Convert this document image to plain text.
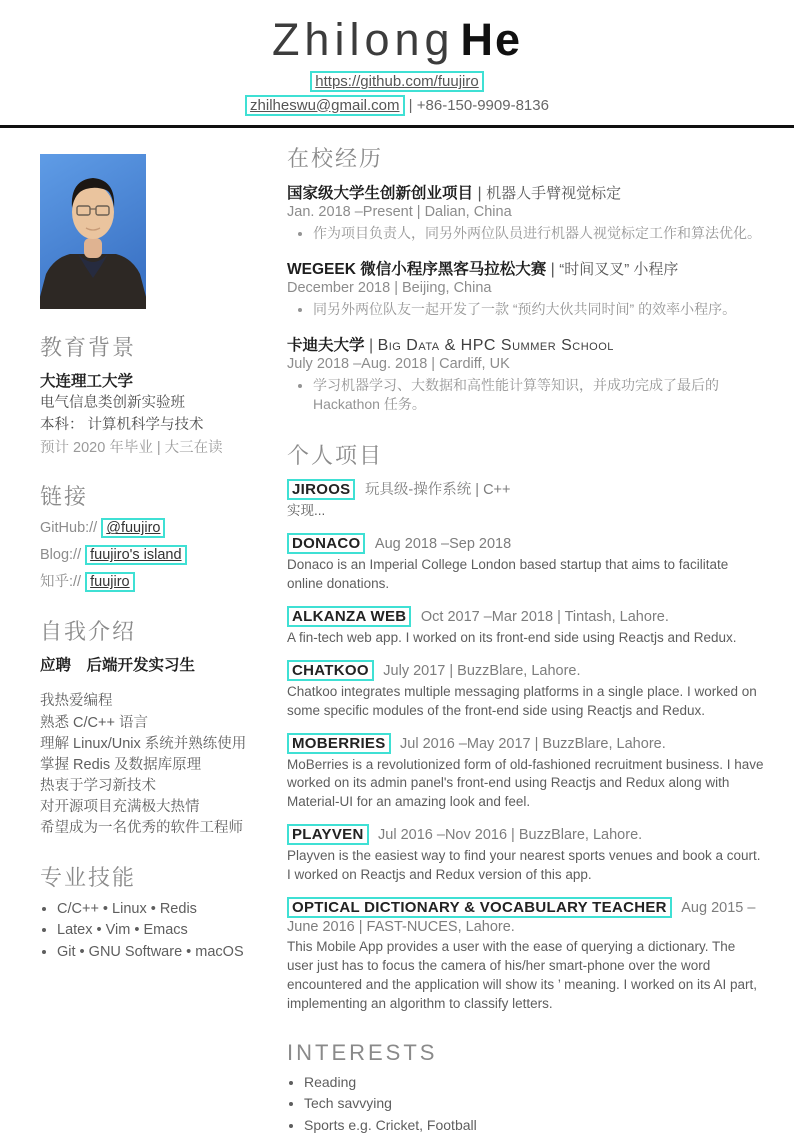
Zhilong He
https://github.com/fuujiro
zhilheswu@gmail.com | +86-150-9909-8136
教育背景

大连理工大学

电气信息类创新实验班

本科： 计算机科学与技术

预计 2020 年毕业 | 大三在读

链接
GitHub:// @fuujiro
Blog:// fuujiro's island
知乎:// fuujiro
自我介绍

应聘　后端开发实习生

我热爱编程
熟悉 C/C++ 语言
理解 Linux/Unix 系统并熟练使用
掌握 Redis 及数据库原理
热衷于学习新技术
对开源项目充满极大热情
希望成为一名优秀的软件工程师
专业技能
• C/C++ • Linux • Redis
• Latex • Vim • Emacs
• Git • GNU Software • macOS
在校经历
国家级大学生创新创业项目 | 机器人手臂视觉标定
Jan. 2018 –Present | Dalian, China
• 作为项目负责人，同另外两位队员进行机器人视觉标定工作和算法优化。
WEGEEK 微信小程序黑客马拉松大赛 | “时间叉叉” 小程序
December 2018 | Beijing, China
• 同另外两位队友一起开发了一款 “预约大伙共同时间” 的效率小程序。
卡迪夫大学 | Big Data & HPC Summer School
July 2018 –Aug. 2018 | Cardiff, UK
• 学习机器学习、大数据和高性能计算等知识，并成功完成了最后的 Hackathon 任务。
个人项目
JIROOS 玩具级-操作系统 | C++
实现...
DONACO Aug 2018 –Sep 2018
Donaco is an Imperial College London based startup that aims to facilitate online donations.
ALKANZA WEB Oct 2017 –Mar 2018 | Tintash, Lahore.
A fin-tech web app. I worked on its front-end side using Reactjs and Redux.
CHATKOO July 2017 | BuzzBlare, Lahore.
Chatkoo integrates multiple messaging platforms in a single place. I worked on some specific modules of the front-end side using Reactjs and Redux.
MOBERRIES Jul 2016 –May 2017 | BuzzBlare, Lahore.
MoBerries is a revolutionized form of old-fashioned recruitment business. I have worked on its admin panel's front-end using Reactjs and Redux along with Material-UI for an amazing look and feel.
PLAYVEN Jul 2016 –Nov 2016 | BuzzBlare, Lahore.
Playven is the easiest way to find your nearest sports venues and book a court. I worked on Reactjs and Redux version of this app.
OPTICAL DICTIONARY & VOCABULARY TEACHER Aug 2015 –June 2016 | FAST-NUCES, Lahore.
This Mobile App provides a user with the ease of querying a dictionary. The user just has to focus the camera of his/her smart-phone over the word encountered and the application will show its ’ meaning. I worked on its AI part, implementing an algorithm to classify letters.
INTERESTS
• Reading
• Tech savvying
• Sports e.g. Cricket, Football
